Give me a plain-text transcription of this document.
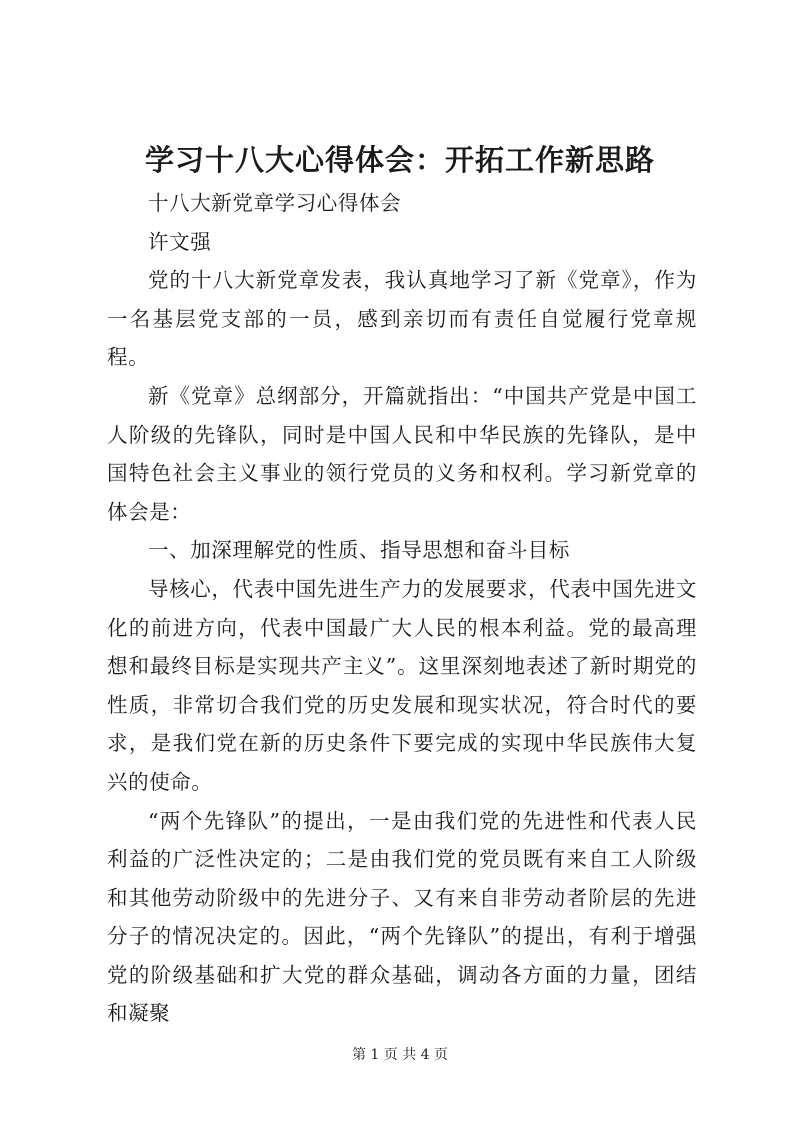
学习十八大心得体会：开拓工作新思路

十八大新党章学习心得体会

许文强

党的十八大新党章发表，我认真地学习了新《党章》，作为一名基层党支部的一员，感到亲切而有责任自觉履行党章规程。

新《党章》总纲部分，开篇就指出：“中国共产党是中国工人阶级的先锋队，同时是中国人民和中华民族的先锋队，是中国特色社会主义事业的领行党员的义务和权利。学习新党章的体会是：

一、加深理解党的性质、指导思想和奋斗目标

导核心，代表中国先进生产力的发展要求，代表中国先进文化的前进方向，代表中国最广大人民的根本利益。党的最高理想和最终目标是实现共产主义”。这里深刻地表述了新时期党的性质，非常切合我们党的历史发展和现实状况，符合时代的要求，是我们党在新的历史条件下要完成的实现中华民族伟大复兴的使命。

“两个先锋队”的提出，一是由我们党的先进性和代表人民利益的广泛性决定的；二是由我们党的党员既有来自工人阶级和其他劳动阶级中的先进分子、又有来自非劳动者阶层的先进分子的情况决定的。因此，“两个先锋队”的提出，有利于增强党的阶级基础和扩大党的群众基础，调动各方面的力量，团结和凝聚

第 1 页 共 4 页
